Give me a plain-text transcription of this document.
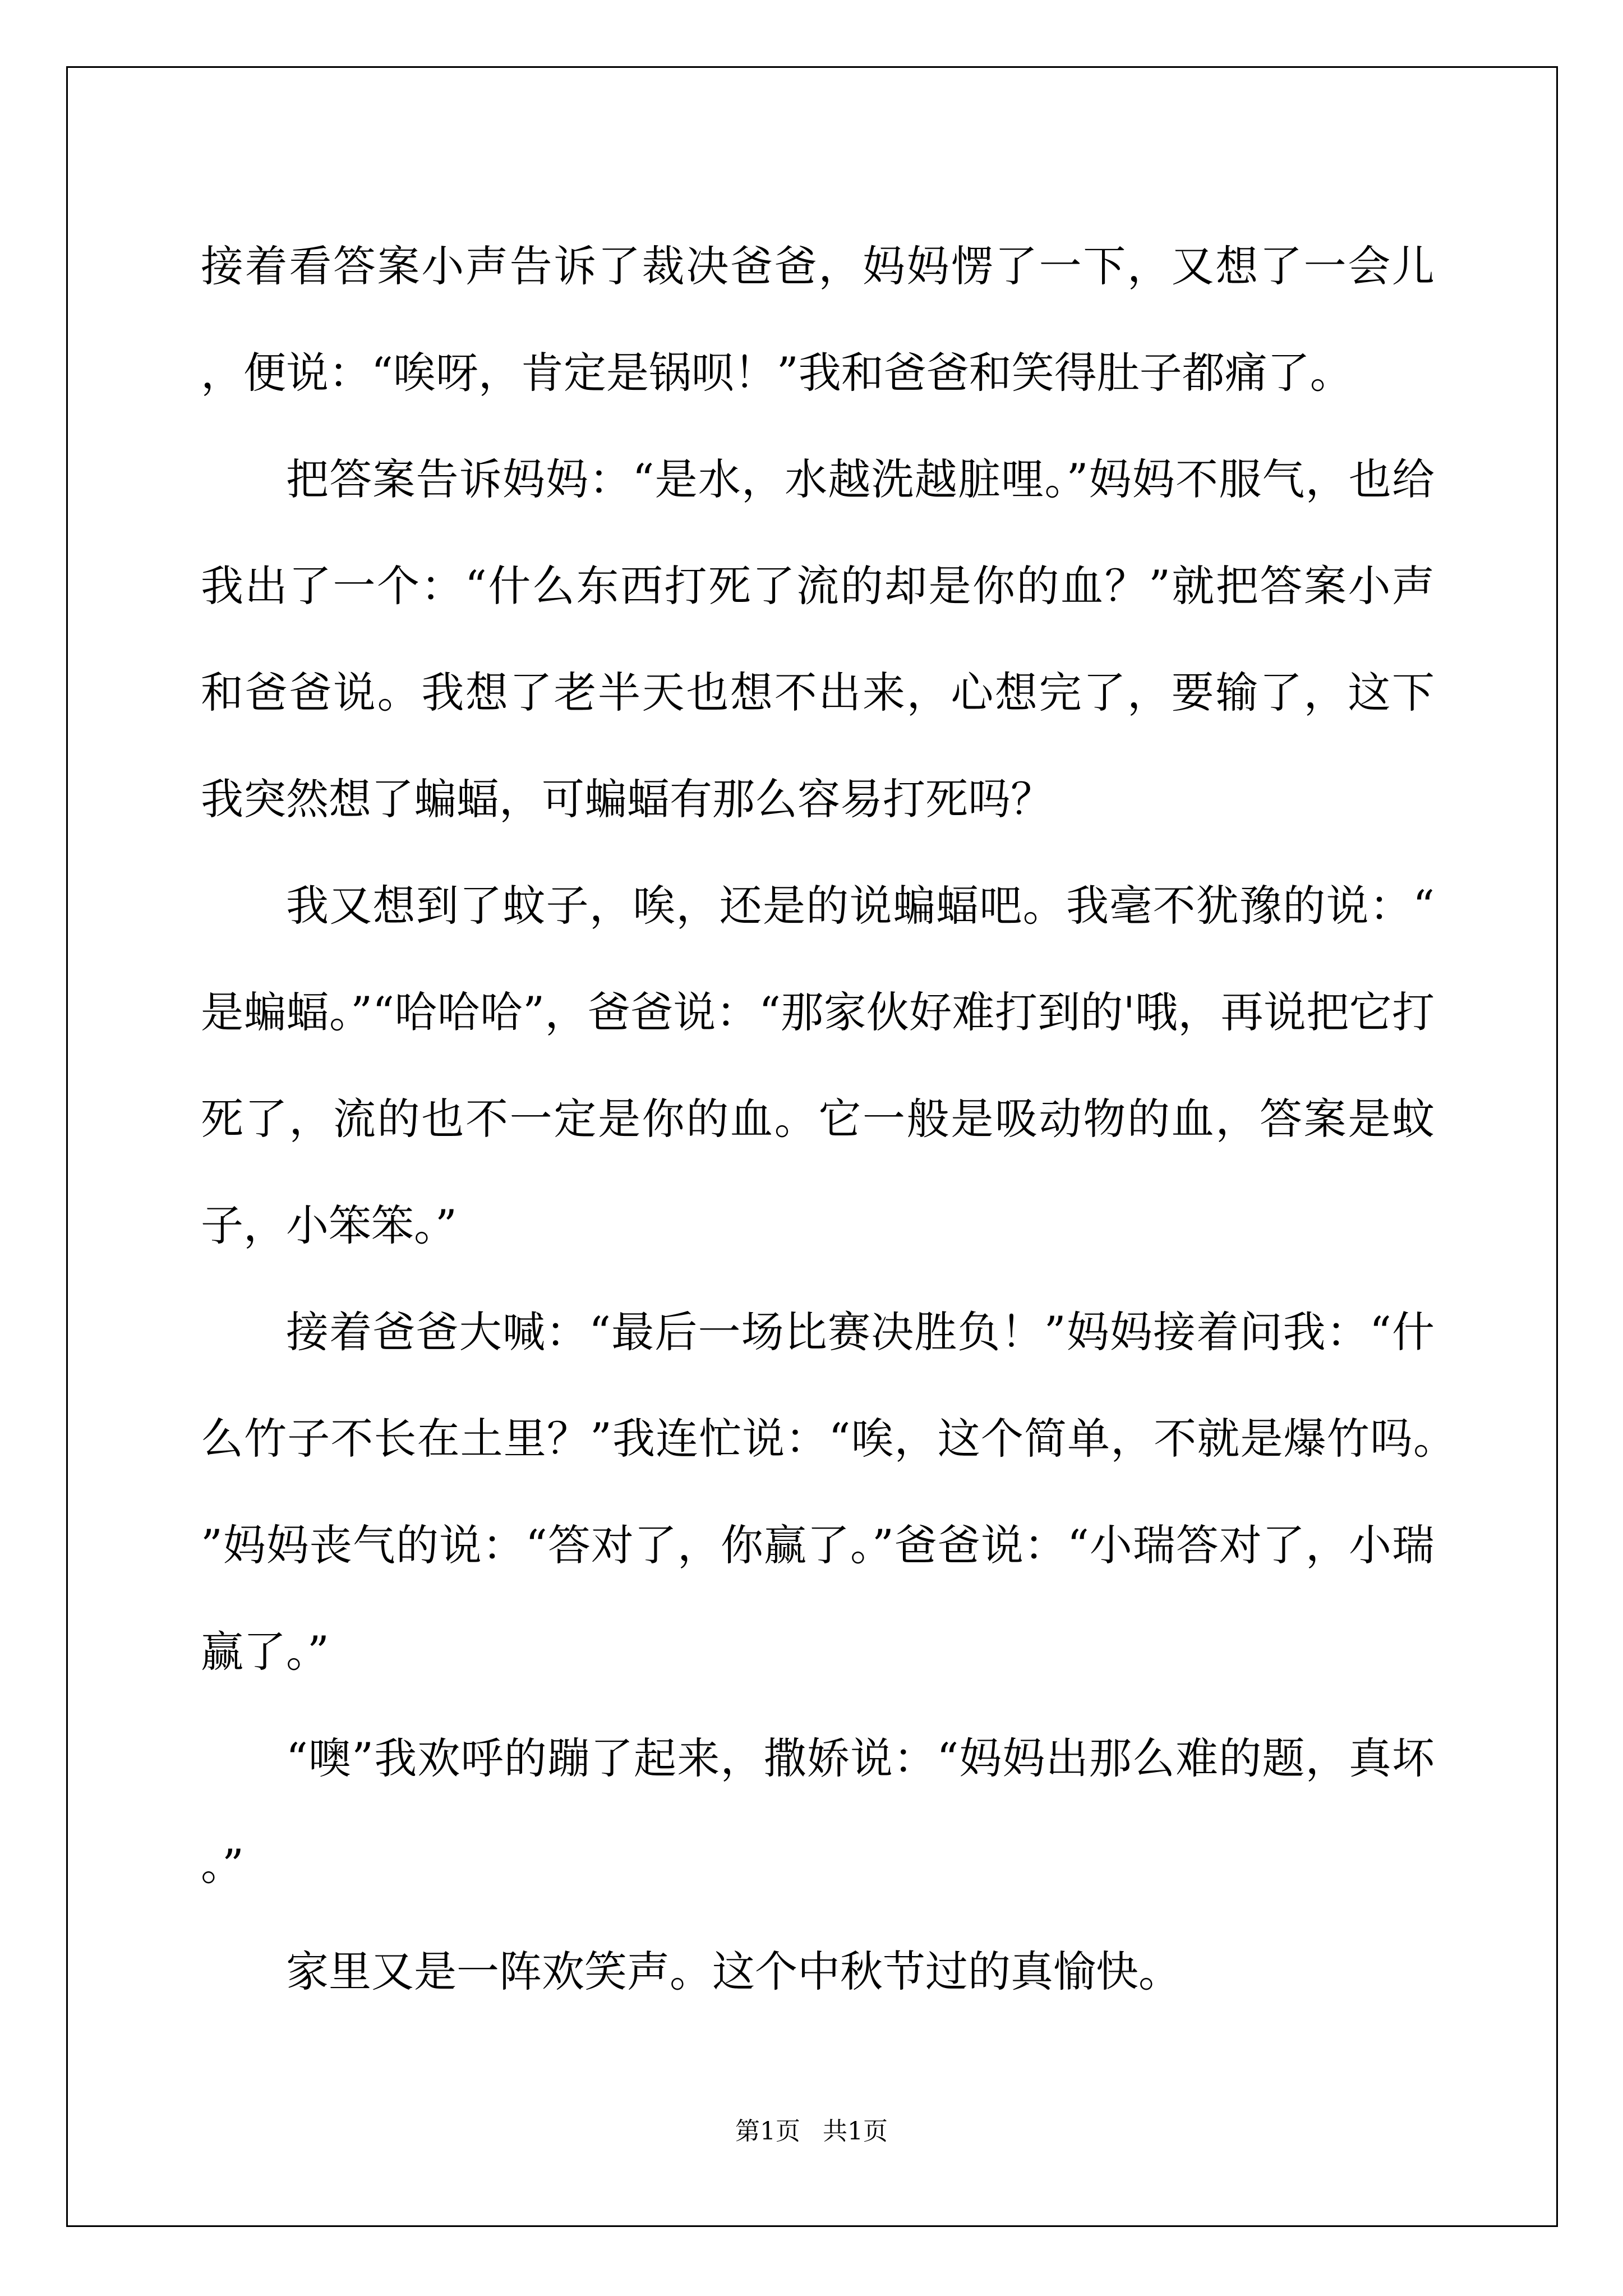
接着看答案小声告诉了裁决爸爸，妈妈愣了一下，又想了一会儿，便说：“唉呀，肯定是锅呗！”我和爸爸和笑得肚子都痛了。

把答案告诉妈妈：“是水，水越洗越脏哩。”妈妈不服气，也给我出了一个：“什么东西打死了流的却是你的血？”就把答案小声和爸爸说。我想了老半天也想不出来，心想完了，要输了，这下我突然想了蝙蝠，可蝙蝠有那么容易打死吗？

我又想到了蚊子，唉，还是的说蝙蝠吧。我毫不犹豫的说：“是蝙蝠。”“哈哈哈”，爸爸说：“那家伙好难打到的'哦，再说把它打死了，流的也不一定是你的血。它一般是吸动物的血，答案是蚊子，小笨笨。”

接着爸爸大喊：“最后一场比赛决胜负！”妈妈接着问我：“什么竹子不长在土里？”我连忙说：“唉，这个简单，不就是爆竹吗。”妈妈丧气的说：“答对了，你赢了。”爸爸说：“小瑞答对了，小瑞赢了。”

“噢”我欢呼的蹦了起来，撒娇说：“妈妈出那么难的题，真坏。”

家里又是一阵欢笑声。这个中秋节过的真愉快。

第1页 共1页
